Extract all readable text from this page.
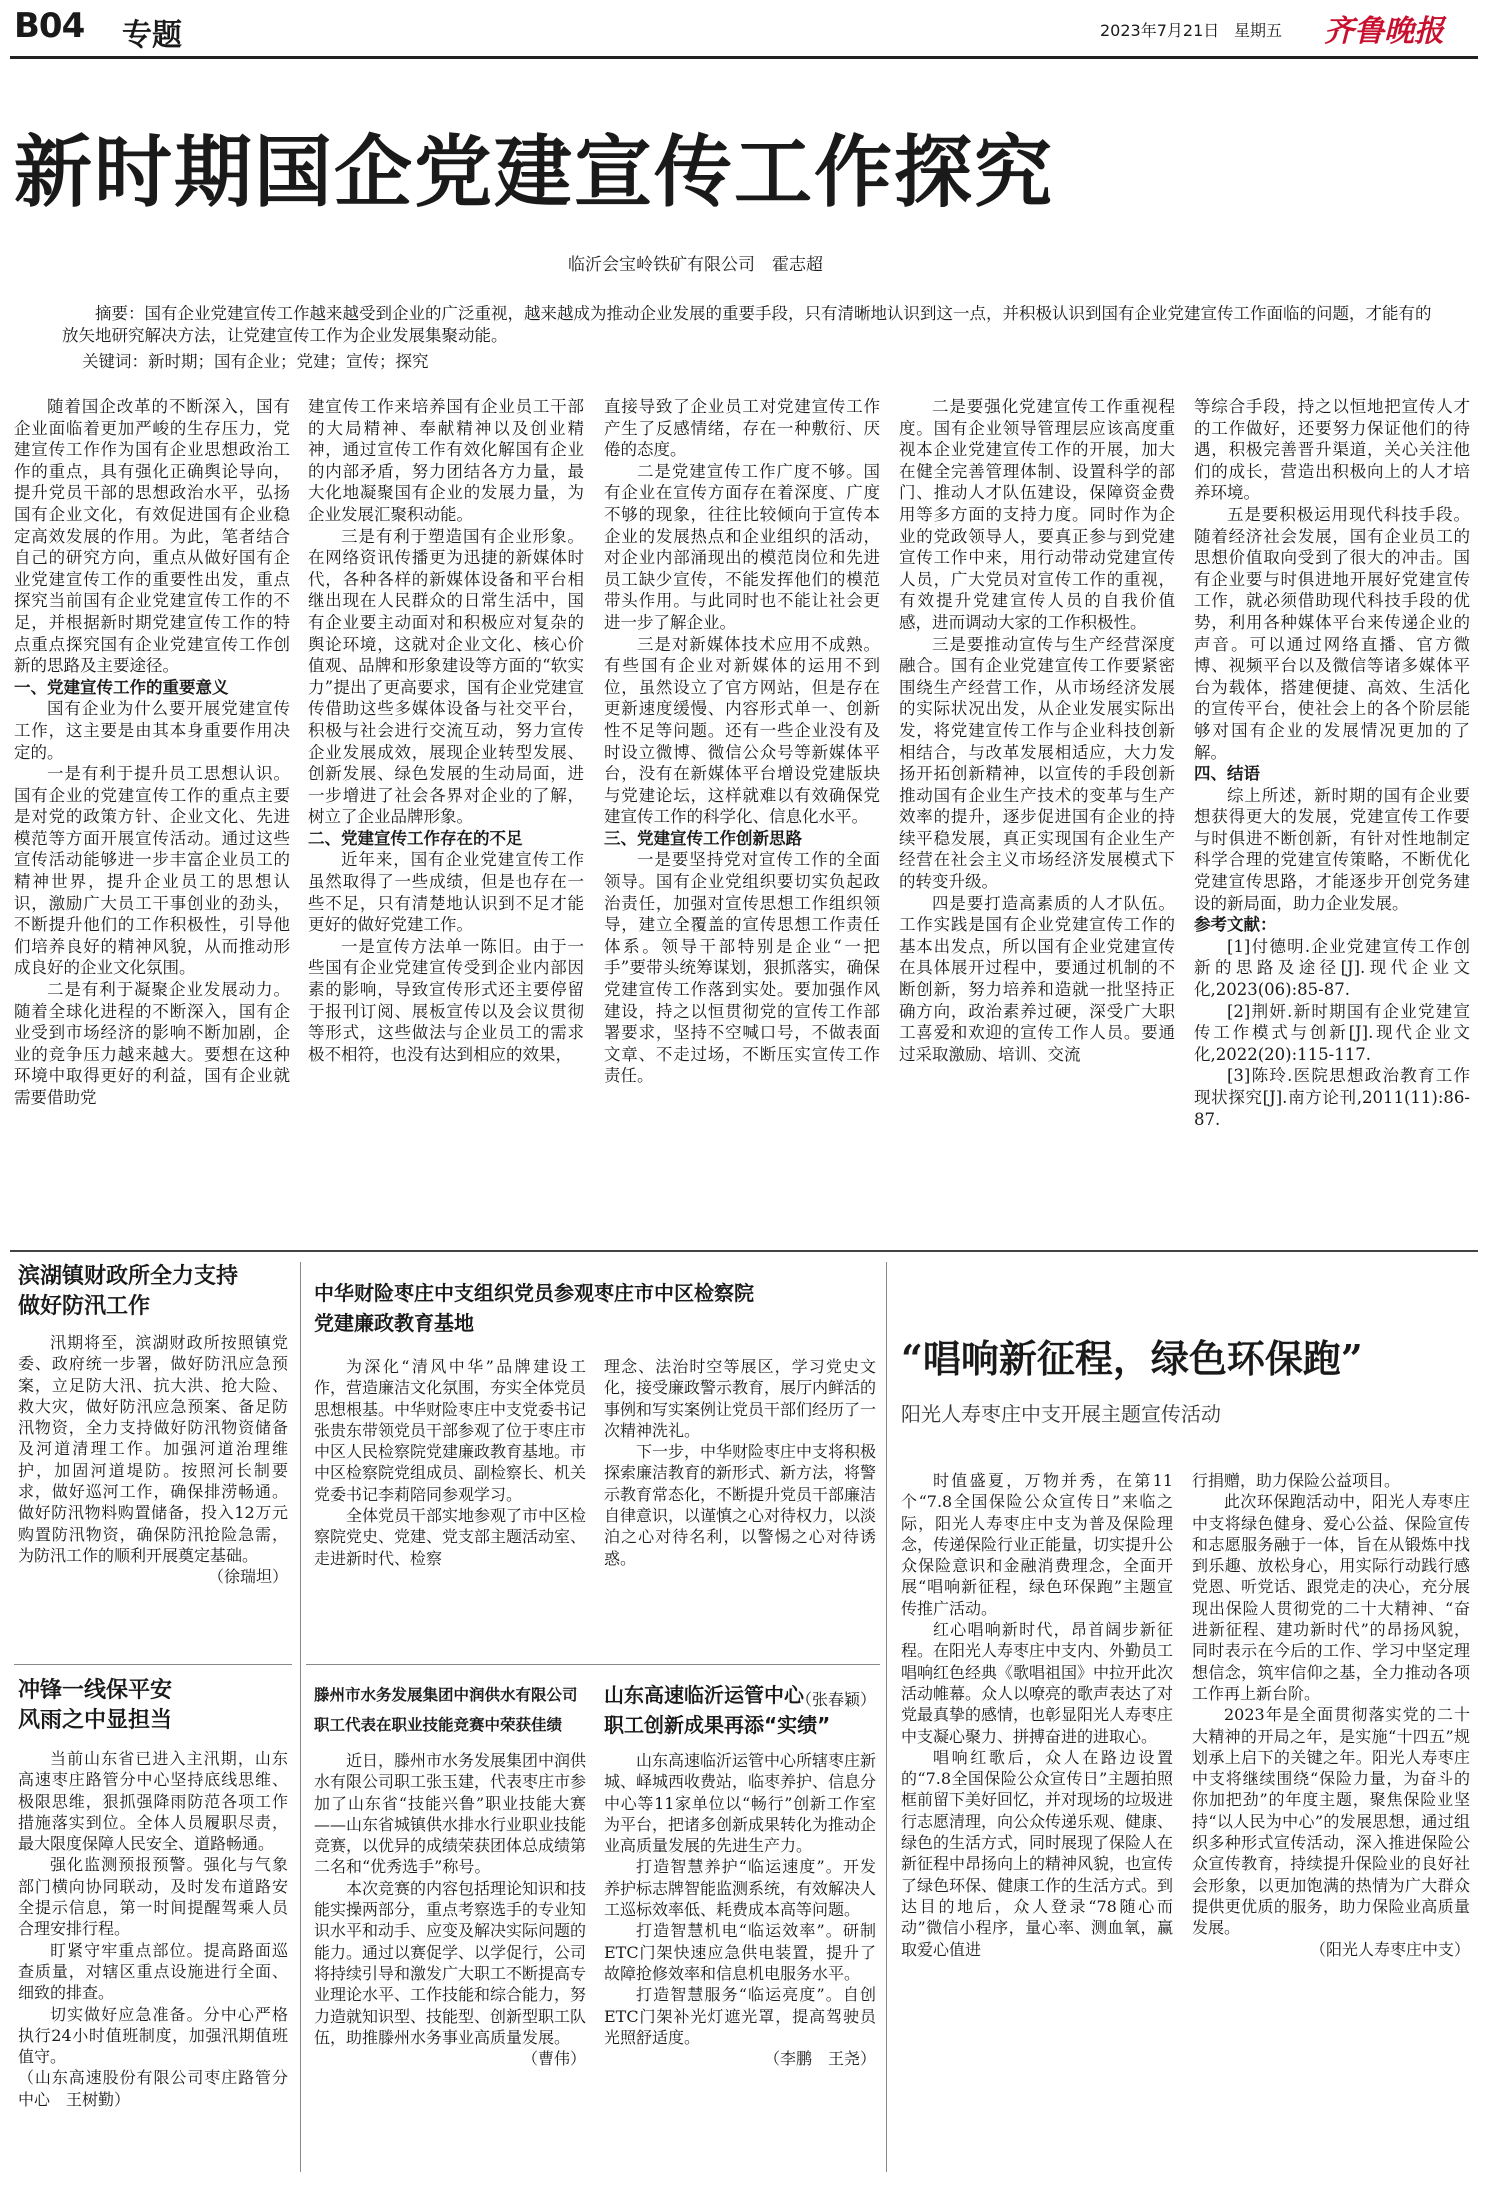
B04 专题	2023年7月21日 星期五 齐鲁晚报
新时期国企党建宣传工作探究
临沂会宝岭铁矿有限公司　霍志超
摘要：国有企业党建宣传工作越来越受到企业的广泛重视，越来越成为推动企业发展的重要手段，只有清晰地认识到这一点，并积极认识到国有企业党建宣传工作面临的问题，才能有的放矢地研究解决方法，让党建宣传工作为企业发展集聚动能。
关键词：新时期；国有企业；党建；宣传；探究

随着国企改革的不断深入，国有企业面临着更加严峻的生存压力，党建宣传工作作为国有企业思想政治工作的重点，具有强化正确舆论导向，提升党员干部的思想政治水平，弘扬国有企业文化，有效促进国有企业稳定高效发展的作用。为此，笔者结合自己的研究方向，重点从做好国有企业党建宣传工作的重要性出发，重点探究当前国有企业党建宣传工作的不足，并根据新时期党建宣传工作的特点重点探究国有企业党建宣传工作创新的思路及主要途径。

一、党建宣传工作的重要意义

国有企业为什么要开展党建宣传工作，这主要是由其本身重要作用决定的。

一是有利于提升员工思想认识。国有企业的党建宣传工作的重点主要是对党的政策方针、企业文化、先进模范等方面开展宣传活动。通过这些宣传活动能够进一步丰富企业员工的精神世界，提升企业员工的思想认识，激励广大员工干事创业的劲头，不断提升他们的工作积极性，引导他们培养良好的精神风貌，从而推动形成良好的企业文化氛围。

二是有利于凝聚企业发展动力。随着全球化进程的不断深入，国有企业受到市场经济的影响不断加剧，企业的竞争压力越来越大。要想在这种环境中取得更好的利益，国有企业就需要借助党

建宣传工作来培养国有企业员工干部的大局精神、奉献精神以及创业精神，通过宣传工作有效化解国有企业的内部矛盾，努力团结各方力量，最大化地凝聚国有企业的发展力量，为企业发展汇聚积动能。

三是有利于塑造国有企业形象。在网络资讯传播更为迅捷的新媒体时代，各种各样的新媒体设备和平台相继出现在人民群众的日常生活中，国有企业要主动面对和积极应对复杂的舆论环境，这就对企业文化、核心价值观、品牌和形象建设等方面的“软实力”提出了更高要求，国有企业党建宣传借助这些多媒体设备与社交平台，积极与社会进行交流互动，努力宣传企业发展成效，展现企业转型发展、创新发展、绿色发展的生动局面，进一步增进了社会各界对企业的了解，树立了企业品牌形象。

二、党建宣传工作存在的不足

近年来，国有企业党建宣传工作虽然取得了一些成绩，但是也存在一些不足，只有清楚地认识到不足才能更好的做好党建工作。

一是宣传方法单一陈旧。由于一些国有企业党建宣传受到企业内部因素的影响，导致宣传形式还主要停留于报刊订阅、展板宣传以及会议贯彻等形式，这些做法与企业员工的需求极不相符，也没有达到相应的效果，

直接导致了企业员工对党建宣传工作产生了反感情绪，存在一种敷衍、厌倦的态度。

二是党建宣传工作广度不够。国有企业在宣传方面存在着深度、广度不够的现象，往往比较倾向于宣传本企业的发展热点和企业组织的活动，对企业内部涌现出的模范岗位和先进员工缺少宣传，不能发挥他们的模范带头作用。与此同时也不能让社会更进一步了解企业。

三是对新媒体技术应用不成熟。有些国有企业对新媒体的运用不到位，虽然设立了官方网站，但是存在更新速度缓慢、内容形式单一、创新性不足等问题。还有一些企业没有及时设立微博、微信公众号等新媒体平台，没有在新媒体平台增设党建版块与党建论坛，这样就难以有效确保党建宣传工作的科学化、信息化水平。

三、党建宣传工作创新思路

一是要坚持党对宣传工作的全面领导。国有企业党组织要切实负起政治责任，加强对宣传思想工作组织领导，建立全覆盖的宣传思想工作责任体系。领导干部特别是企业“一把手”要带头统筹谋划，狠抓落实，确保党建宣传工作落到实处。要加强作风建设，持之以恒贯彻党的宣传工作部署要求，坚持不空喊口号，不做表面文章、不走过场，不断压实宣传工作责任。

二是要强化党建宣传工作重视程度。国有企业领导管理层应该高度重视本企业党建宣传工作的开展，加大在健全完善管理体制、设置科学的部门、推动人才队伍建设，保障资金费用等多方面的支持力度。同时作为企业的党政领导人，要真正参与到党建宣传工作中来，用行动带动党建宣传人员，广大党员对宣传工作的重视，有效提升党建宣传人员的自我价值感，进而调动大家的工作积极性。

三是要推动宣传与生产经营深度融合。国有企业党建宣传工作要紧密围绕生产经营工作，从市场经济发展的实际状况出发，从企业发展实际出发，将党建宣传工作与企业科技创新相结合，与改革发展相适应，大力发扬开拓创新精神，以宣传的手段创新推动国有企业生产技术的变革与生产效率的提升，逐步促进国有企业的持续平稳发展，真正实现国有企业生产经营在社会主义市场经济发展模式下的转变升级。

四是要打造高素质的人才队伍。工作实践是国有企业党建宣传工作的基本出发点，所以国有企业党建宣传在具体展开过程中，要通过机制的不断创新，努力培养和造就一批坚持正确方向，政治素养过硬，深受广大职工喜爱和欢迎的宣传工作人员。要通过采取激励、培训、交流

等综合手段，持之以恒地把宣传人才的工作做好，还要努力保证他们的待遇，积极完善晋升渠道，关心关注他们的成长，营造出积极向上的人才培养环境。

五是要积极运用现代科技手段。随着经济社会发展，国有企业员工的思想价值取向受到了很大的冲击。国有企业要与时俱进地开展好党建宣传工作，就必须借助现代科技手段的优势，利用各种媒体平台来传递企业的声音。可以通过网络直播、官方微博、视频平台以及微信等诸多媒体平台为载体，搭建便捷、高效、生活化的宣传平台，使社会上的各个阶层能够对国有企业的发展情况更加的了解。

四、结语

综上所述，新时期的国有企业要想获得更大的发展，党建宣传工作要与时俱进不断创新，有针对性地制定科学合理的党建宣传策略，不断优化党建宣传思路，才能逐步开创党务建设的新局面，助力企业发展。

参考文献：

[1]付德明.企业党建宣传工作创新的思路及途径[J].现代企业文化,2023(06):85-87.

[2]荆妍.新时期国有企业党建宣传工作模式与创新[J].现代企业文化,2022(20):115-117.

[3]陈玲.医院思想政治教育工作现状探究[J].南方论刊,2011(11):86-87.

滨湖镇财政所全力支持
做好防汛工作

汛期将至，滨湖财政所按照镇党委、政府统一步署，做好防汛应急预案，立足防大汛、抗大洪、抢大险、救大灾，做好防汛应急预案、备足防汛物资，全力支持做好防汛物资储备及河道清理工作。加强河道治理维护，加固河道堤防。按照河长制要求，做好巡河工作，确保排涝畅通。做好防汛物料购置储备，投入12万元购置防汛物资，确保防汛抢险急需，为防汛工作的顺利开展奠定基础。

（徐瑞坦）
中华财险枣庄中支组织党员参观枣庄市中区检察院
党建廉政教育基地

为深化“清风中华”品牌建设工作，营造廉洁文化氛围，夯实全体党员思想根基。中华财险枣庄中支党委书记张贵东带领党员干部参观了位于枣庄市中区人民检察院党建廉政教育基地。市中区检察院党组成员、副检察长、机关党委书记李莉陪同参观学习。

全体党员干部实地参观了市中区检察院党史、党建、党支部主题活动室、走进新时代、检察

理念、法治时空等展区，学习党史文化，接受廉政警示教育，展厅内鲜活的事例和写实案例让党员干部们经历了一次精神洗礼。

下一步，中华财险枣庄中支将积极探索廉洁教育的新形式、新方法，将警示教育常态化，不断提升党员干部廉洁自律意识，以谨慎之心对待权力，以淡泊之心对待名利，以警惕之心对待诱惑。

（张春颖）
冲锋一线保平安
风雨之中显担当

当前山东省已进入主汛期，山东高速枣庄路管分中心坚持底线思维、极限思维，狠抓强降雨防范各项工作措施落实到位。全体人员履职尽责，最大限度保障人民安全、道路畅通。

强化监测预报预警。强化与气象部门横向协同联动，及时发布道路安全提示信息，第一时间提醒驾乘人员合理安排行程。

盯紧守牢重点部位。提高路面巡查质量，对辖区重点设施进行全面、细致的排查。

切实做好应急准备。分中心严格执行24小时值班制度，加强汛期值班值守。

（山东高速股份有限公司枣庄路管分中心　王树勤）
滕州市水务发展集团中润供水有限公司
职工代表在职业技能竞赛中荣获佳绩

近日，滕州市水务发展集团中润供水有限公司职工张玉建，代表枣庄市参加了山东省“技能兴鲁”职业技能大赛——山东省城镇供水排水行业职业技能竞赛，以优异的成绩荣获团体总成绩第二名和“优秀选手”称号。

本次竞赛的内容包括理论知识和技能实操两部分，重点考察选手的专业知识水平和动手、应变及解决实际问题的能力。通过以赛促学、以学促行，公司将持续引导和激发广大职工不断提高专业理论水平、工作技能和综合能力，努力造就知识型、技能型、创新型职工队伍，助推滕州水务事业高质量发展。

（曹伟）
山东高速临沂运管中心
职工创新成果再添“实绩”

山东高速临沂运管中心所辖枣庄新城、峄城西收费站，临枣养护、信息分中心等11家单位以“畅行”创新工作室为平台，把诸多创新成果转化为推动企业高质量发展的先进生产力。

打造智慧养护“临运速度”。开发养护标志牌智能监测系统，有效解决人工巡标效率低、耗费成本高等问题。

打造智慧机电“临运效率”。研制ETC门架快速应急供电装置，提升了故障抢修效率和信息机电服务水平。

打造智慧服务“临运亮度”。自创ETC门架补光灯遮光罩，提高驾驶员光照舒适度。

（李鹏　王尧）
“唱响新征程，绿色环保跑”
阳光人寿枣庄中支开展主题宣传活动

时值盛夏，万物并秀，在第11个“7.8全国保险公众宣传日”来临之际，阳光人寿枣庄中支为普及保险理念，传递保险行业正能量，切实提升公众保险意识和金融消费理念，全面开展“唱响新征程，绿色环保跑”主题宣传推广活动。

红心唱响新时代，昂首阔步新征程。在阳光人寿枣庄中支内、外勤员工唱响红色经典《歌唱祖国》中拉开此次活动帷幕。众人以嘹亮的歌声表达了对党最真挚的感情，也彰显阳光人寿枣庄中支凝心聚力、拼搏奋进的进取心。

唱响红歌后，众人在路边设置的“7.8全国保险公众宣传日”主题拍照框前留下美好回忆，并对现场的垃圾进行志愿清理，向公众传递乐观、健康、绿色的生活方式，同时展现了保险人在新征程中昂扬向上的精神风貌，也宣传了绿色环保、健康工作的生活方式。到达目的地后，众人登录“78随心而动”微信小程序，量心率、测血氧，赢取爱心值进

行捐赠，助力保险公益项目。

此次环保跑活动中，阳光人寿枣庄中支将绿色健身、爱心公益、保险宣传和志愿服务融于一体，旨在从锻炼中找到乐趣、放松身心，用实际行动践行感党恩、听党话、跟党走的决心，充分展现出保险人贯彻党的二十大精神、“奋进新征程、建功新时代”的昂扬风貌，同时表示在今后的工作、学习中坚定理想信念，筑牢信仰之基，全力推动各项工作再上新台阶。

2023年是全面贯彻落实党的二十大精神的开局之年，是实施“十四五”规划承上启下的关键之年。阳光人寿枣庄中支将继续围绕“保险力量，为奋斗的你加把劲”的年度主题，聚焦保险业坚持“以人民为中心”的发展思想，通过组织多种形式宣传活动，深入推进保险公众宣传教育，持续提升保险业的良好社会形象，以更加饱满的热情为广大群众提供更优质的服务，助力保险业高质量发展。

（阳光人寿枣庄中支）
